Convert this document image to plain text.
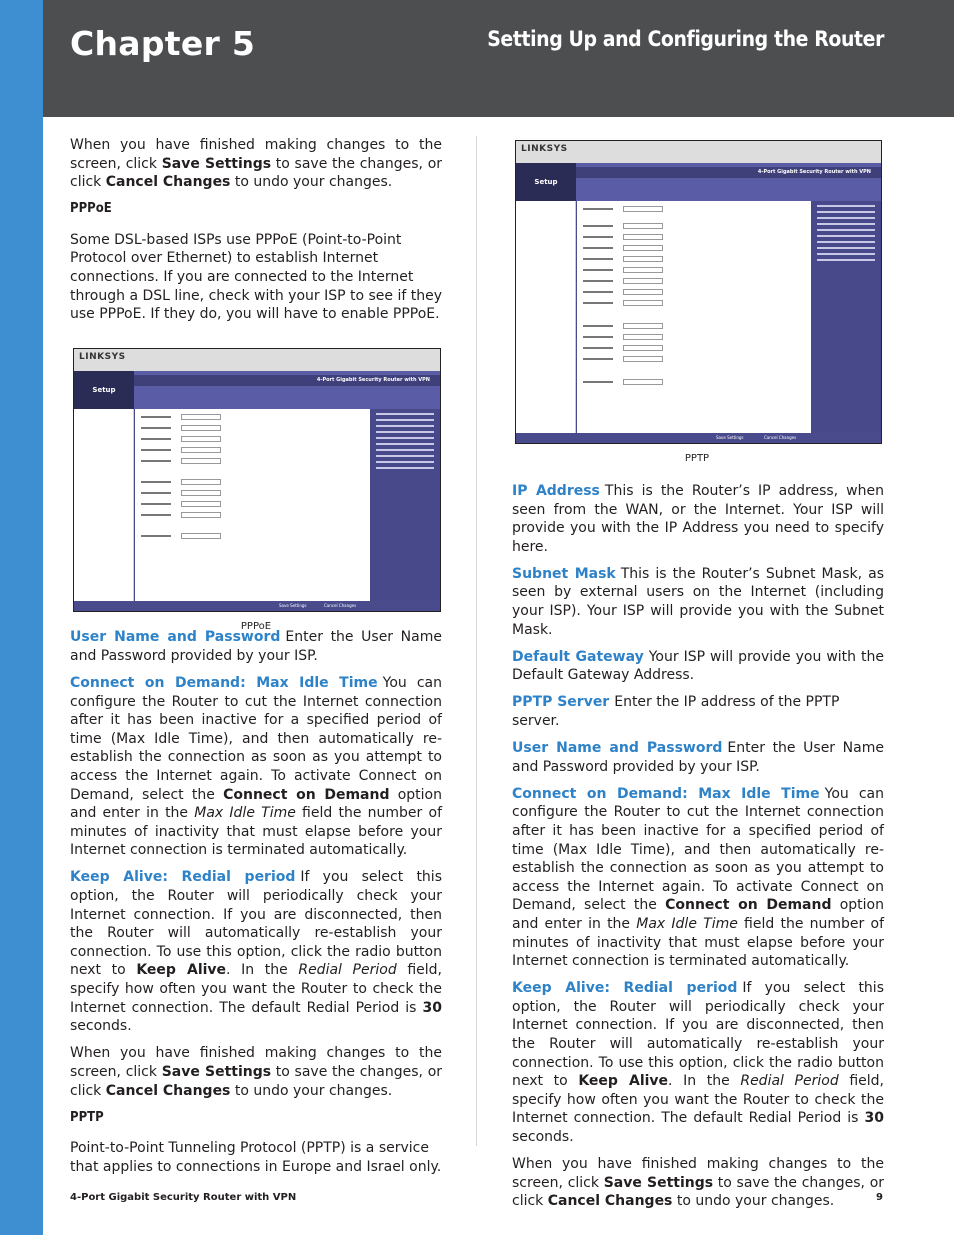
Chapter 5	Setting Up and Configuring the Router

When you have finished making changes to the screen, click Save Settings to save the changes, or click Cancel Changes to undo your changes.

PPPoE

Some DSL-based ISPs use PPPoE (Point-to-Point Protocol over Ethernet) to establish Internet connections. If you are connected to the Internet through a DSL line, check with your ISP to see if they use PPPoE. If they do, you will have to enable PPPoE.

User Name and Password Enter the User Name and Password provided by your ISP.

Connect on Demand: Max Idle Time You can configure the Router to cut the Internet connection after it has been inactive for a specified period of time (Max Idle Time), and then automatically re-establish the connection as soon as you attempt to access the Internet again. To activate Connect on Demand, select the Connect on Demand option and enter in the Max Idle Time field the number of minutes of inactivity that must elapse before your Internet connection is terminated automatically.

Keep Alive: Redial period If you select this option, the Router will periodically check your Internet connection. If you are disconnected, then the Router will automatically re-establish your connection. To use this option, click the radio button next to Keep Alive. In the Redial Period field, specify how often you want the Router to check the Internet connection. The default Redial Period is 30 seconds.

When you have finished making changes to the screen, click Save Settings to save the changes, or click Cancel Changes to undo your changes.

PPTP

Point-to-Point Tunneling Protocol (PPTP) is a service that applies to connections in Europe and Israel only.

LINKSYS
Setup
4-Port Gigabit Security Router with VPN
Save Settings	Cancel Changes
PPPoE
LINKSYS
Setup
4-Port Gigabit Security Router with VPN
Save Settings	Cancel Changes
PPTP

IP Address This is the Router’s IP address, when seen from the WAN, or the Internet. Your ISP will provide you with the IP Address you need to specify here.

Subnet Mask This is the Router’s Subnet Mask, as seen by external users on the Internet (including your ISP). Your ISP will provide you with the Subnet Mask.

Default Gateway Your ISP will provide you with the Default Gateway Address.

PPTP Server Enter the IP address of the PPTP server.

User Name and Password Enter the User Name and Password provided by your ISP.

Connect on Demand: Max Idle Time You can configure the Router to cut the Internet connection after it has been inactive for a specified period of time (Max Idle Time), and then automatically re-establish the connection as soon as you attempt to access the Internet again. To activate Connect on Demand, select the Connect on Demand option and enter in the Max Idle Time field the number of minutes of inactivity that must elapse before your Internet connection is terminated automatically.

Keep Alive: Redial period If you select this option, the Router will periodically check your Internet connection. If you are disconnected, then the Router will automatically re-establish your connection. To use this option, click the radio button next to Keep Alive. In the Redial Period field, specify how often you want the Router to check the Internet connection. The default Redial Period is 30 seconds.

When you have finished making changes to the screen, click Save Settings to save the changes, or click Cancel Changes to undo your changes.

4-Port Gigabit Security Router with VPN	9
